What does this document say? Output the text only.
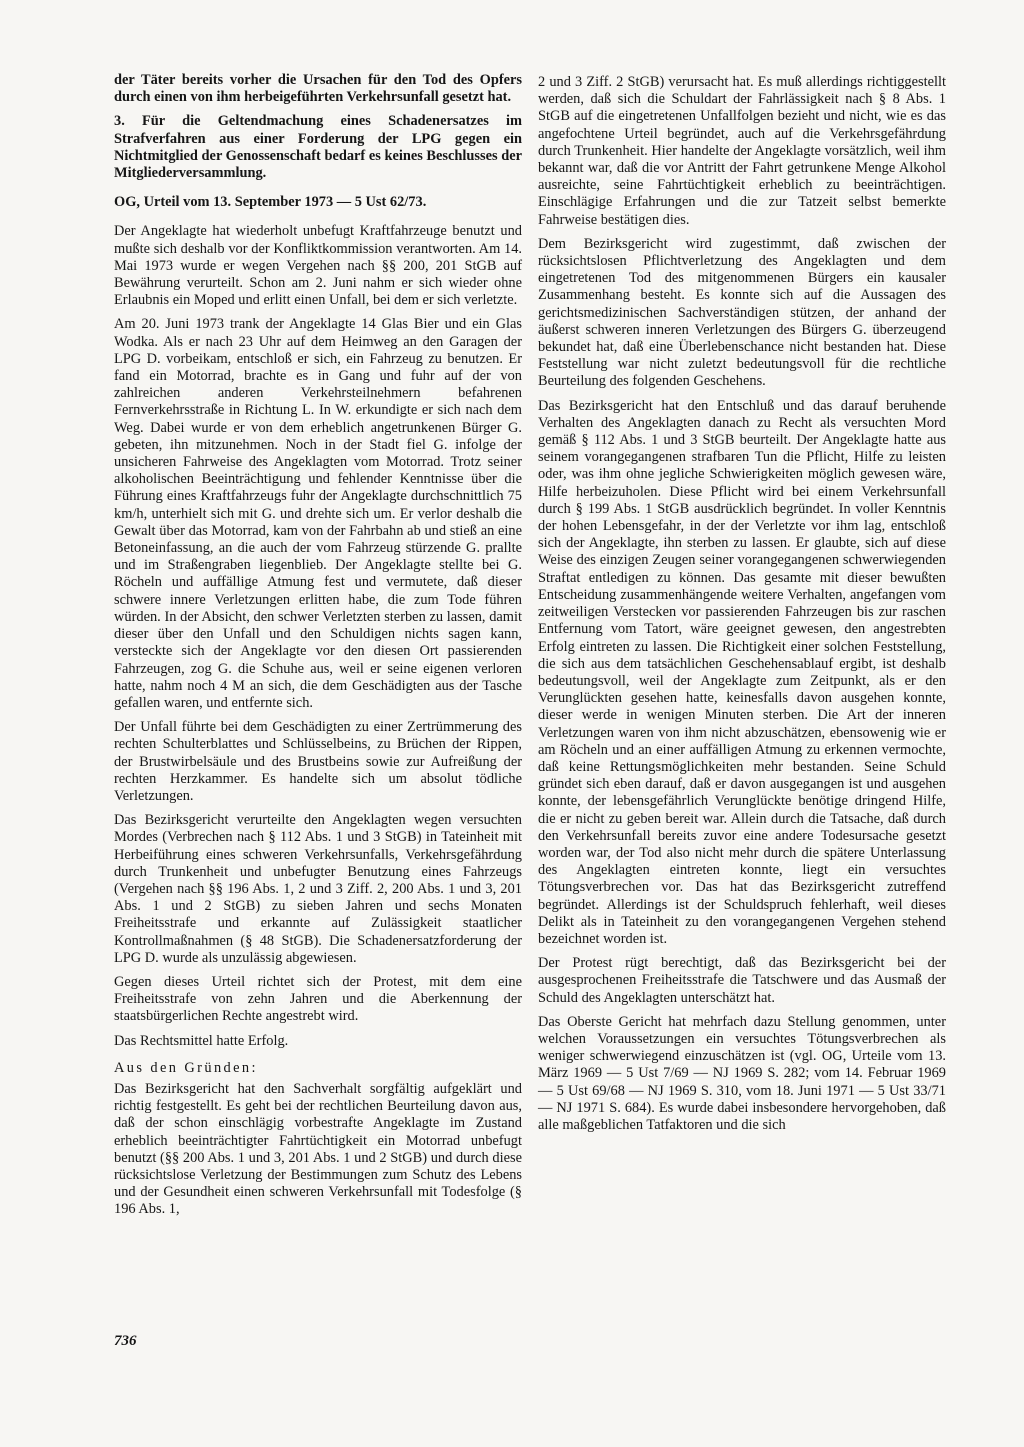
der Täter bereits vorher die Ursachen für den Tod des Opfers durch einen von ihm herbeigeführten Verkehrsunfall gesetzt hat.

3. Für die Geltendmachung eines Schadenersatzes im Strafverfahren aus einer Forderung der LPG gegen ein Nichtmitglied der Genossenschaft bedarf es keines Beschlusses der Mitgliederversammlung.

OG, Urteil vom 13. September 1973 — 5 Ust 62/73.

Der Angeklagte hat wiederholt unbefugt Kraftfahrzeuge benutzt und mußte sich deshalb vor der Konfliktkommission verantworten. Am 14. Mai 1973 wurde er wegen Vergehen nach §§ 200, 201 StGB auf Bewährung verurteilt. Schon am 2. Juni nahm er sich wieder ohne Erlaubnis ein Moped und erlitt einen Unfall, bei dem er sich verletzte.

Am 20. Juni 1973 trank der Angeklagte 14 Glas Bier und ein Glas Wodka. Als er nach 23 Uhr auf dem Heimweg an den Garagen der LPG D. vorbeikam, entschloß er sich, ein Fahrzeug zu benutzen. Er fand ein Motorrad, brachte es in Gang und fuhr auf der von zahlreichen anderen Verkehrsteilnehmern befahrenen Fernverkehrsstraße in Richtung L. In W. erkundigte er sich nach dem Weg. Dabei wurde er von dem erheblich angetrunkenen Bürger G. gebeten, ihn mitzunehmen. Noch in der Stadt fiel G. infolge der unsicheren Fahrweise des Angeklagten vom Motorrad. Trotz seiner alkoholischen Beeinträchtigung und fehlender Kenntnisse über die Führung eines Kraftfahrzeugs fuhr der Angeklagte durchschnittlich 75 km/h, unterhielt sich mit G. und drehte sich um. Er verlor deshalb die Gewalt über das Motorrad, kam von der Fahrbahn ab und stieß an eine Betoneinfassung, an die auch der vom Fahrzeug stürzende G. prallte und im Straßengraben liegenblieb. Der Angeklagte stellte bei G. Röcheln und auffällige Atmung fest und vermutete, daß dieser schwere innere Verletzungen erlitten habe, die zum Tode führen würden. In der Absicht, den schwer Verletzten sterben zu lassen, damit dieser über den Unfall und den Schuldigen nichts sagen kann, versteckte sich der Angeklagte vor den diesen Ort passierenden Fahrzeugen, zog G. die Schuhe aus, weil er seine eigenen verloren hatte, nahm noch 4 M an sich, die dem Geschädigten aus der Tasche gefallen waren, und entfernte sich.

Der Unfall führte bei dem Geschädigten zu einer Zertrümmerung des rechten Schulterblattes und Schlüsselbeins, zu Brüchen der Rippen, der Brustwirbelsäule und des Brustbeins sowie zur Aufreißung der rechten Herzkammer. Es handelte sich um absolut tödliche Verletzungen.

Das Bezirksgericht verurteilte den Angeklagten wegen versuchten Mordes (Verbrechen nach § 112 Abs. 1 und 3 StGB) in Tateinheit mit Herbeiführung eines schweren Verkehrsunfalls, Verkehrsgefährdung durch Trunkenheit und unbefugter Benutzung eines Fahrzeugs (Vergehen nach §§ 196 Abs. 1, 2 und 3 Ziff. 2, 200 Abs. 1 und 3, 201 Abs. 1 und 2 StGB) zu sieben Jahren und sechs Monaten Freiheitsstrafe und erkannte auf Zulässigkeit staatlicher Kontrollmaßnahmen (§ 48 StGB). Die Schadenersatzforderung der LPG D. wurde als unzulässig abgewiesen.

Gegen dieses Urteil richtet sich der Protest, mit dem eine Freiheitsstrafe von zehn Jahren und die Aberkennung der staatsbürgerlichen Rechte angestrebt wird.

Das Rechtsmittel hatte Erfolg.

Aus den Gründen:

Das Bezirksgericht hat den Sachverhalt sorgfältig aufgeklärt und richtig festgestellt. Es geht bei der rechtlichen Beurteilung davon aus, daß der schon einschlägig vorbestrafte Angeklagte im Zustand erheblich beeinträchtigter Fahrtüchtigkeit ein Motorrad unbefugt benutzt (§§ 200 Abs. 1 und 3, 201 Abs. 1 und 2 StGB) und durch diese rücksichtslose Verletzung der Bestimmungen zum Schutz des Lebens und der Gesundheit einen schweren Verkehrsunfall mit Todesfolge (§ 196 Abs. 1,

2 und 3 Ziff. 2 StGB) verursacht hat. Es muß allerdings richtiggestellt werden, daß sich die Schuldart der Fahrlässigkeit nach § 8 Abs. 1 StGB auf die eingetretenen Unfallfolgen bezieht und nicht, wie es das angefochtene Urteil begründet, auch auf die Verkehrsgefährdung durch Trunkenheit. Hier handelte der Angeklagte vorsätzlich, weil ihm bekannt war, daß die vor Antritt der Fahrt getrunkene Menge Alkohol ausreichte, seine Fahrtüchtigkeit erheblich zu beeinträchtigen. Einschlägige Erfahrungen und die zur Tatzeit selbst bemerkte Fahrweise bestätigen dies.

Dem Bezirksgericht wird zugestimmt, daß zwischen der rücksichtslosen Pflichtverletzung des Angeklagten und dem eingetretenen Tod des mitgenommenen Bürgers ein kausaler Zusammenhang besteht. Es konnte sich auf die Aussagen des gerichtsmedizinischen Sachverständigen stützen, der anhand der äußerst schweren inneren Verletzungen des Bürgers G. überzeugend bekundet hat, daß eine Überlebenschance nicht bestanden hat. Diese Feststellung war nicht zuletzt bedeutungsvoll für die rechtliche Beurteilung des folgenden Geschehens.

Das Bezirksgericht hat den Entschluß und das darauf beruhende Verhalten des Angeklagten danach zu Recht als versuchten Mord gemäß § 112 Abs. 1 und 3 StGB beurteilt. Der Angeklagte hatte aus seinem vorangegangenen strafbaren Tun die Pflicht, Hilfe zu leisten oder, was ihm ohne jegliche Schwierigkeiten möglich gewesen wäre, Hilfe herbeizuholen. Diese Pflicht wird bei einem Verkehrsunfall durch § 199 Abs. 1 StGB ausdrücklich begründet. In voller Kenntnis der hohen Lebensgefahr, in der der Verletzte vor ihm lag, entschloß sich der Angeklagte, ihn sterben zu lassen. Er glaubte, sich auf diese Weise des einzigen Zeugen seiner vorangegangenen schwerwiegenden Straftat entledigen zu können. Das gesamte mit dieser bewußten Entscheidung zusammenhängende weitere Verhalten, angefangen vom zeitweiligen Verstecken vor passierenden Fahrzeugen bis zur raschen Entfernung vom Tatort, wäre geeignet gewesen, den angestrebten Erfolg eintreten zu lassen. Die Richtigkeit einer solchen Feststellung, die sich aus dem tatsächlichen Geschehensablauf ergibt, ist deshalb bedeutungsvoll, weil der Angeklagte zum Zeitpunkt, als er den Verunglückten gesehen hatte, keinesfalls davon ausgehen konnte, dieser werde in wenigen Minuten sterben. Die Art der inneren Verletzungen waren von ihm nicht abzuschätzen, ebensowenig wie er am Röcheln und an einer auffälligen Atmung zu erkennen vermochte, daß keine Rettungsmöglichkeiten mehr bestanden. Seine Schuld gründet sich eben darauf, daß er davon ausgegangen ist und ausgehen konnte, der lebensgefährlich Verunglückte benötige dringend Hilfe, die er nicht zu geben bereit war. Allein durch die Tatsache, daß durch den Verkehrsunfall bereits zuvor eine andere Todesursache gesetzt worden war, der Tod also nicht mehr durch die spätere Unterlassung des Angeklagten eintreten konnte, liegt ein versuchtes Tötungsverbrechen vor. Das hat das Bezirksgericht zutreffend begründet. Allerdings ist der Schuldspruch fehlerhaft, weil dieses Delikt als in Tateinheit zu den vorangegangenen Vergehen stehend bezeichnet worden ist.

Der Protest rügt berechtigt, daß das Bezirksgericht bei der ausgesprochenen Freiheitsstrafe die Tatschwere und das Ausmaß der Schuld des Angeklagten unterschätzt hat.

Das Oberste Gericht hat mehrfach dazu Stellung genommen, unter welchen Voraussetzungen ein versuchtes Tötungsverbrechen als weniger schwerwiegend einzuschätzen ist (vgl. OG, Urteile vom 13. März 1969 — 5 Ust 7/69 — NJ 1969 S. 282; vom 14. Februar 1969 — 5 Ust 69/68 — NJ 1969 S. 310, vom 18. Juni 1971 — 5 Ust 33/71 — NJ 1971 S. 684). Es wurde dabei insbesondere hervorgehoben, daß alle maßgeblichen Tatfaktoren und die sich

736
